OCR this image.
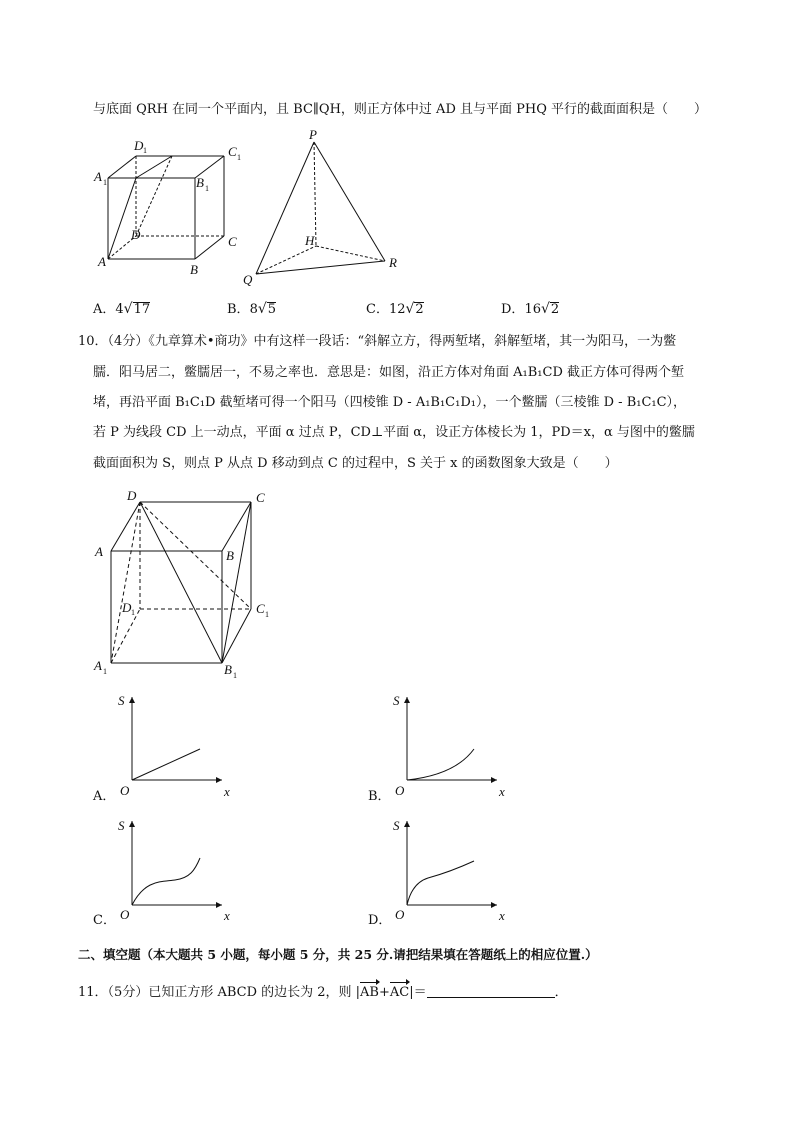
与底面 QRH 在同一个平面内，且 BC∥QH，则正方体中过 AD 且与平面 PHQ 平行的截面面积是（　　）
D 1	C 1
A 1	B 1
D	C
A
B
P
H
Q
R
A．4√17	B．8√5	C．12√2	D．16√2
10．（4分）《九章算术•商功》中有这样一段话：“斜解立方，得两堑堵，斜解堑堵，其一为阳马，一为鳖
臑．阳马居二，鳖臑居一，不易之率也．意思是：如图，沿正方体对角面 A₁B₁CD 截正方体可得两个堑
堵，再沿平面 B₁C₁D 截堑堵可得一个阳马（四棱锥 D - A₁B₁C₁D₁），一个鳖臑（三棱锥 D - B₁C₁C），
若 P 为线段 CD 上一动点，平面 α 过点 P，CD⊥平面 α，设正方体棱长为 1，PD＝x，α 与图中的鳖臑
截面面积为 S，则点 P 从点 D 移动到点 C 的过程中，S 关于 x 的函数图象大致是（　　）
D	C
A	B
D 1	C 1
A 1	B 1
S
x
O
A．
S
x
O
B．
S
x
O
C．
S
x
O
D．
二、填空题（本大题共 5 小题，每小题 5 分，共 25 分.请把结果填在答题纸上的相应位置.）
11．（5分）已知正方形 ABCD 的边长为 2，则 |AB+AC|＝	．
